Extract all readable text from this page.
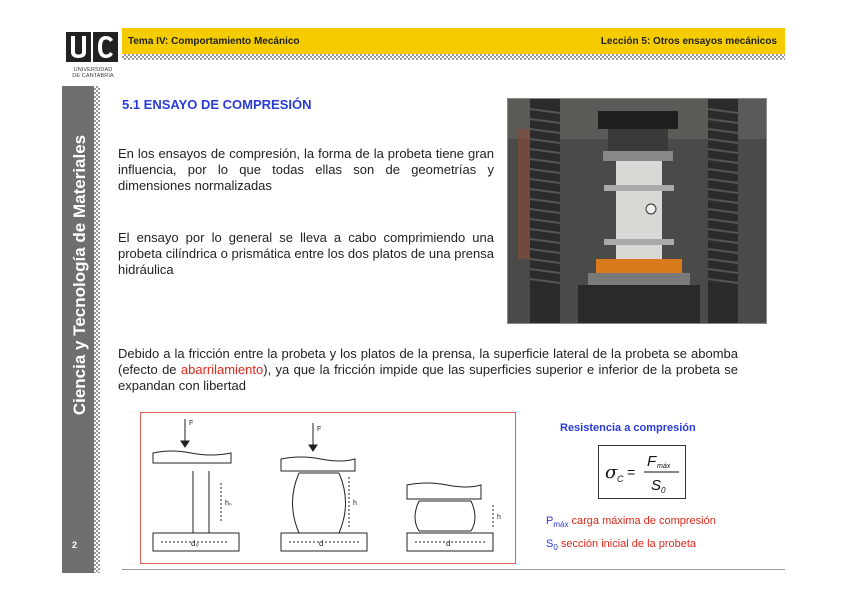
Ciencia y Tecnología de Materiales
2
UNIVERSIDAD
DE CANTABRIA
Tema IV: Comportamiento Mecánico	Lección 5: Otros ensayos mecánicos
5.1 ENSAYO DE COMPRESIÓN
En los ensayos de compresión, la forma de la probeta tiene gran influencia, por lo que todas ellas son de geometrías y dimensiones normalizadas
El ensayo por lo general se lleva a cabo comprimiendo una probeta cilíndrica o prismática entre los dos platos de una prensa hidráulica
Debido a la fricción entre la probeta y los platos de la prensa, la superficie lateral de la probeta se abomba (efecto de abarrilamiento), ya que la fricción impide que las superficies superior e inferior de la probeta se expandan con libertad
F
F
h₀	h
h
d₀	d	d
Resistencia a compresión
σ C =
F máx
S 0
$P_{máx}$ carga máxima de compresión
$S_0$ sección inicial de la probeta
